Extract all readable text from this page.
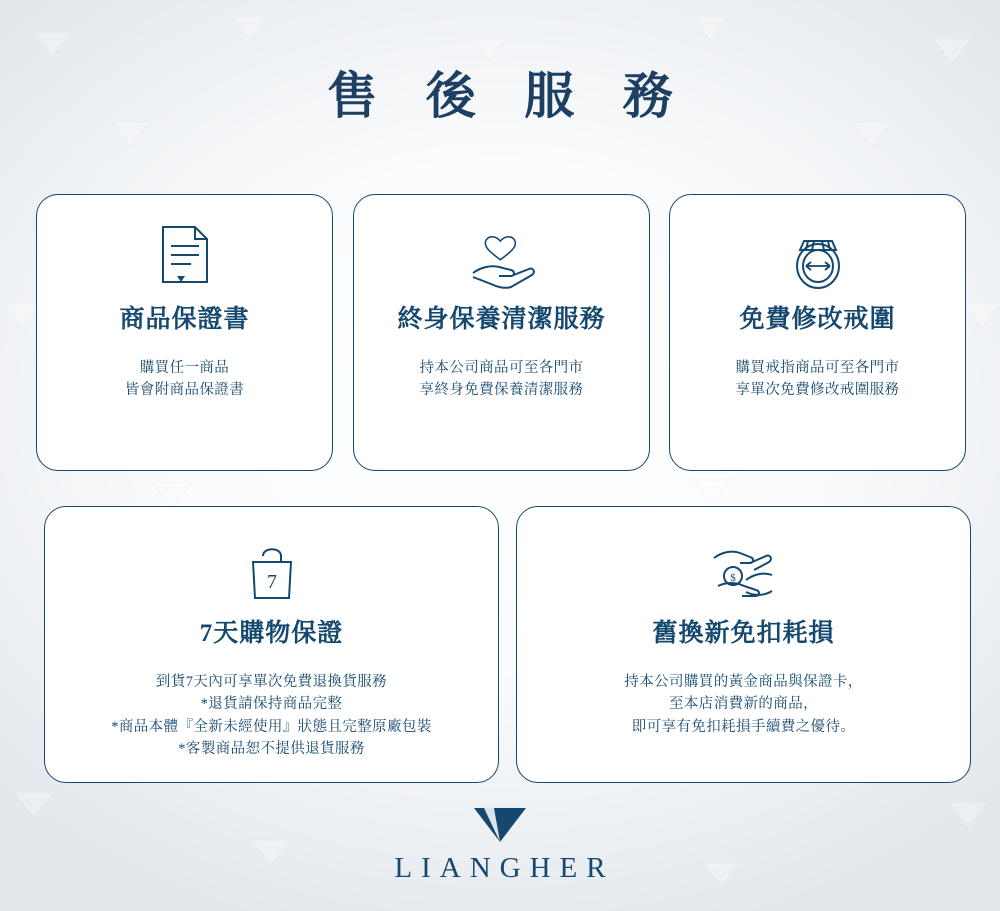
售 後 服 務
商品保證書
購買任一商品
皆會附商品保證書
終身保養清潔服務
持本公司商品可至各門市
享終身免費保養清潔服務
免費修改戒圍
購買戒指商品可至各門市
享單次免費修改戒圍服務
7
7天購物保證
到貨7天內可享單次免費退換貨服務
*退貨請保持商品完整
*商品本體『全新未經使用』狀態且完整原廠包裝
*客製商品恕不提供退貨服務
$
舊換新免扣耗損
持本公司購買的黃金商品與保證卡，
至本店消費新的商品，
即可享有免扣耗損手續費之優待。
LIANGHER
